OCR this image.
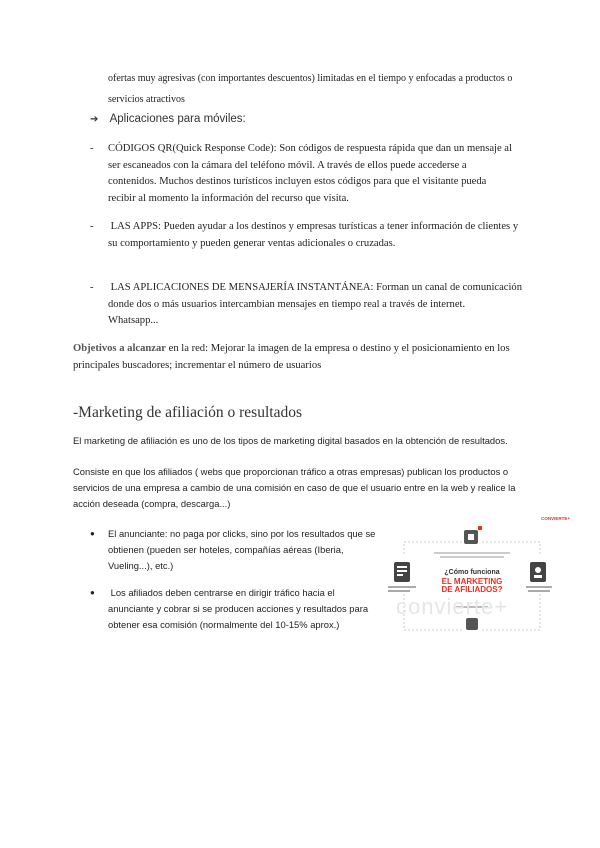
ofertas muy agresivas (con importantes descuentos) limitadas en el tiempo y enfocadas a productos o
servicios atractivos
➔ Aplicaciones para móviles:
- CÓDIGOS QR(Quick Response Code): Son códigos de respuesta rápida que dan un mensaje al
ser escaneados con la cámara del teléfono móvil. A través de ellos puede accederse a
contenidos. Muchos destinos turísticos incluyen estos códigos para que el visitante pueda
recibir al momento la información del recurso que visita.
- LAS APPS: Pueden ayudar a los destinos y empresas turísticas a tener información de clientes y
su comportamiento y pueden generar ventas adicionales o cruzadas.
- LAS APLICACIONES DE MENSAJERÍA INSTANTÁNEA: Forman un canal de comunicación
donde dos o más usuarios intercambian mensajes en tiempo real a través de internet.
Whatsapp...
Objetivos a alcanzar en la red: Mejorar la imagen de la empresa o destino y el posicionamiento en los
principales buscadores; incrementar el número de usuarios
-Marketing de afiliación o resultados
El marketing de afiliación es uno de los tipos de marketing digital basados en la obtención de resultados.
Consiste en que los afiliados ( webs que proporcionan tráfico a otras empresas) publican los productos o
servicios de una empresa a cambio de una comisión en caso de que el usuario entre en la web y realice la
acción deseada (compra, descarga...)
● El anunciante: no paga por clicks, sino por los resultados que se
obtienen (pueden ser hoteles, compañías aéreas (Iberia,
Vueling...), etc.)
● Los afiliados deben centrarse en dirigir tráfico hacia el
anunciante y cobrar si se producen acciones y resultados para
obtener esa comisión (normalmente del 10-15% aprox.)
CONVIERTE+
¿Cómo funciona
EL MARKETING
DE AFILIADOS?
convierte+
